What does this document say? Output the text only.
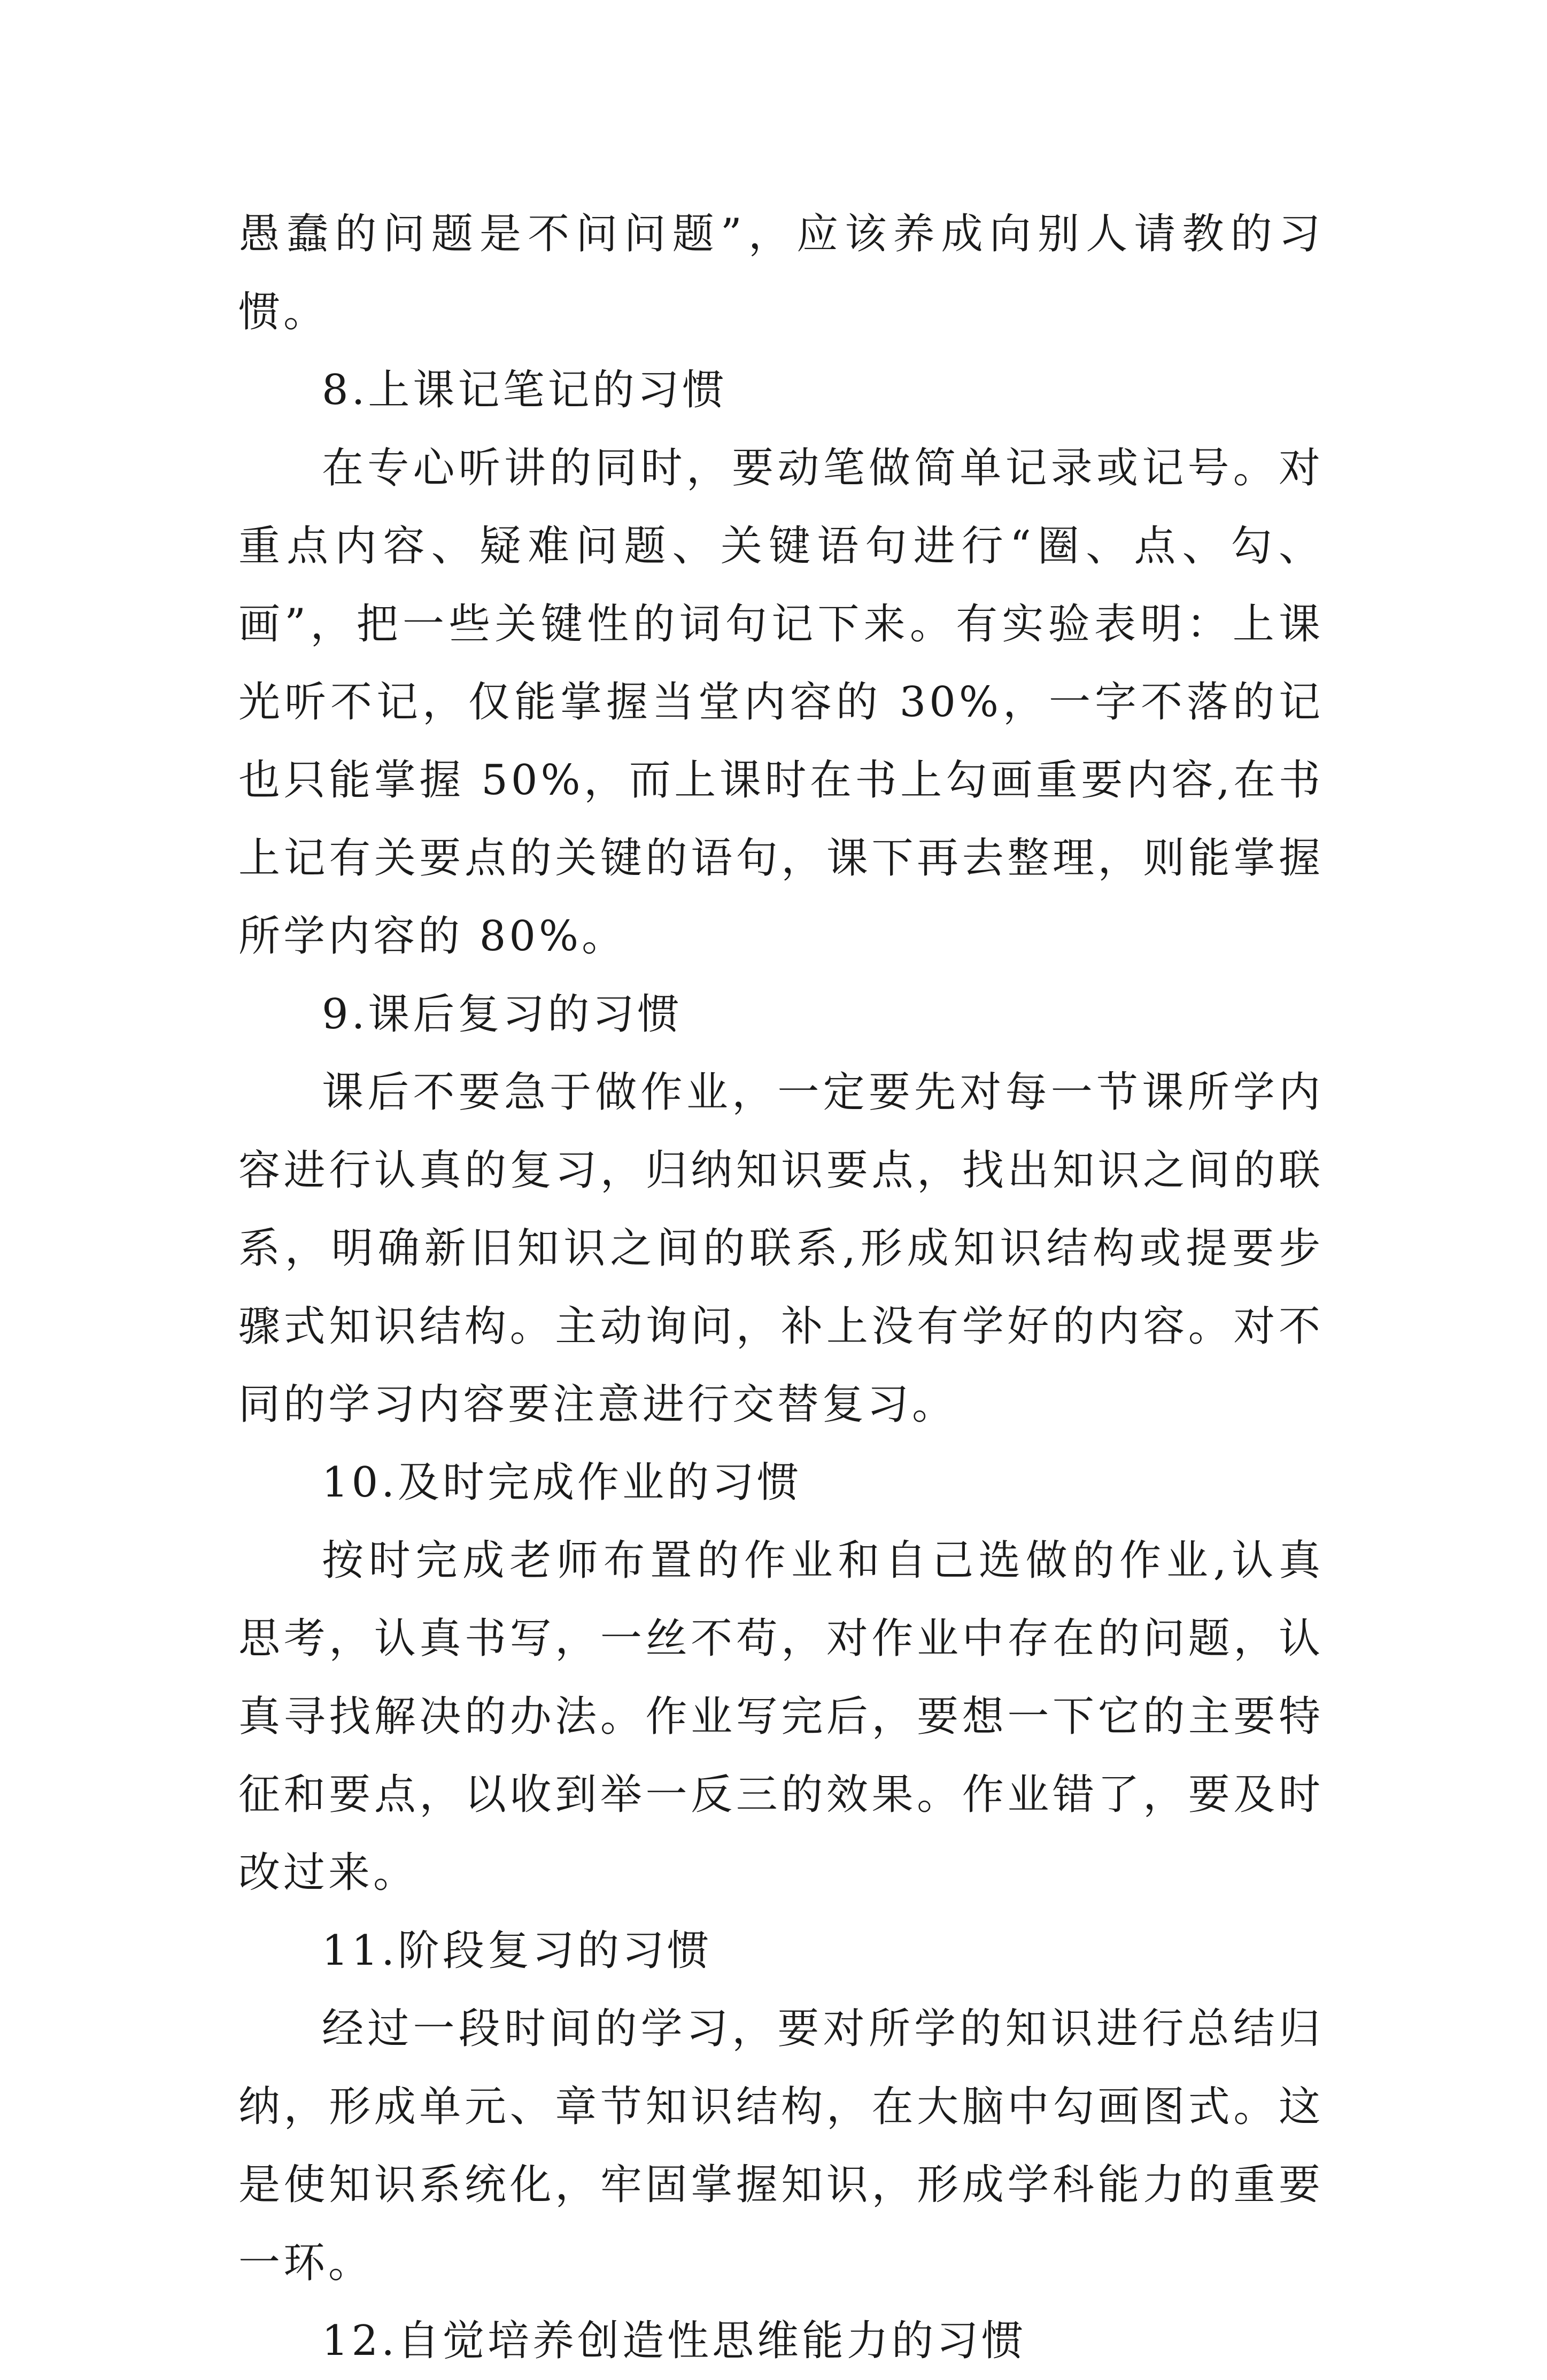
愚蠢的问题是不问问题”，应该养成向别人请教的习惯。

8.上课记笔记的习惯

在专心听讲的同时，要动笔做简单记录或记号。对重点内容、疑难问题、关键语句进行“圈、点、勾、画”，把一些关键性的词句记下来。有实验表明：上课光听不记，仅能掌握当堂内容的 30%，一字不落的记也只能掌握 50%，而上课时在书上勾画重要内容,在书上记有关要点的关键的语句，课下再去整理，则能掌握所学内容的 80%。

9.课后复习的习惯

课后不要急于做作业，一定要先对每一节课所学内容进行认真的复习，归纳知识要点，找出知识之间的联系，明确新旧知识之间的联系,形成知识结构或提要步骤式知识结构。主动询问，补上没有学好的内容。对不同的学习内容要注意进行交替复习。

10.及时完成作业的习惯

按时完成老师布置的作业和自己选做的作业,认真思考，认真书写，一丝不苟，对作业中存在的问题，认真寻找解决的办法。作业写完后，要想一下它的主要特征和要点，以收到举一反三的效果。作业错了，要及时改过来。

11.阶段复习的习惯

经过一段时间的学习，要对所学的知识进行总结归纳，形成单元、章节知识结构，在大脑中勾画图式。这是使知识系统化，牢固掌握知识，形成学科能力的重要一环。

12.自觉培养创造性思维能力的习惯
